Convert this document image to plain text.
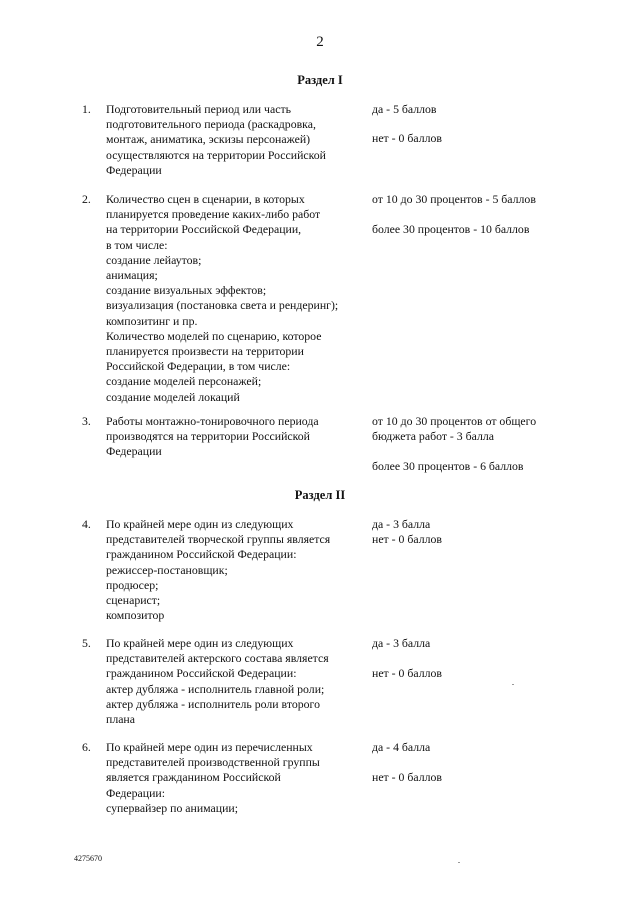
2
Раздел I
1. Подготовительный период или часть
подготовительного периода (раскадровка,
монтаж, аниматика, эскизы персонажей)
осуществляются на территории Российской
Федерации
да - 5 баллов
нет - 0 баллов
2. Количество сцен в сценарии, в которых
планируется проведение каких-либо работ
на территории Российской Федерации,
в том числе:
создание лейаутов;
анимация;
создание визуальных эффектов;
визуализация (постановка света и рендеринг);
композитинг и пр.
Количество моделей по сценарию, которое
планируется произвести на территории
Российской Федерации, в том числе:
создание моделей персонажей;
создание моделей локаций
от 10 до 30 процентов - 5 баллов
более 30 процентов - 10 баллов
3. Работы монтажно-тонировочного периода
производятся на территории Российской
Федерации
от 10 до 30 процентов от общего
бюджета работ - 3 балла
более 30 процентов - 6 баллов
Раздел II
4. По крайней мере один из следующих
представителей творческой группы является
гражданином Российской Федерации:
режиссер-постановщик;
продюсер;
сценарист;
композитор
да - 3 балла
нет - 0 баллов
5. По крайней мере один из следующих
представителей актерского состава является
гражданином Российской Федерации:
актер дубляжа - исполнитель главной роли;
актер дубляжа - исполнитель роли второго
плана
да - 3 балла
нет - 0 баллов
6. По крайней мере один из перечисленных
представителей производственной группы
является гражданином Российской
Федерации:
супервайзер по анимации;
да - 4 балла
нет - 0 баллов
4275670
